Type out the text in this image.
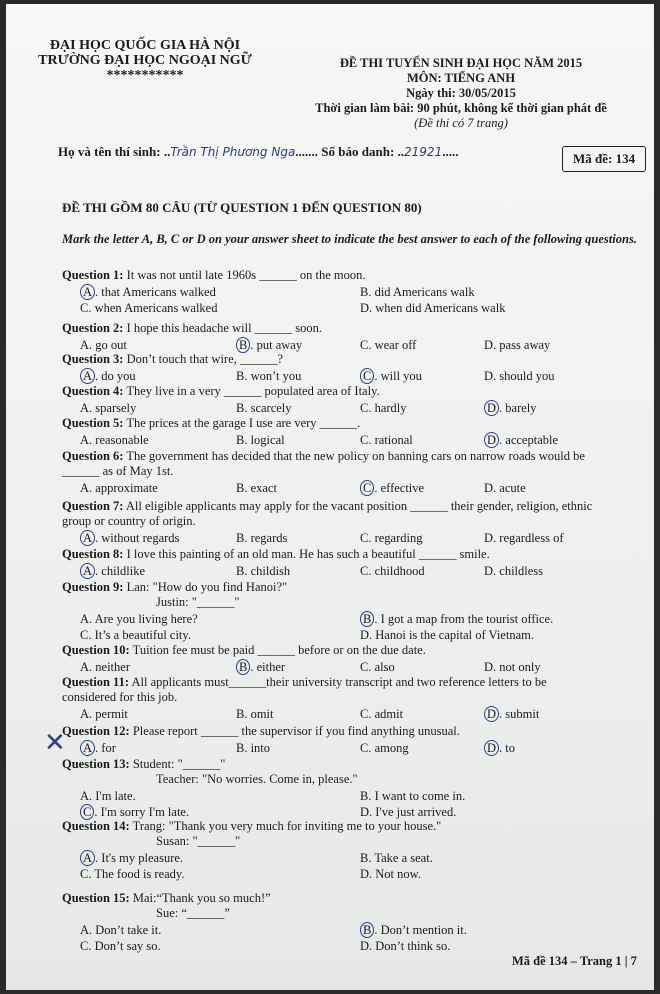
ĐẠI HỌC QUỐC GIA HÀ NỘI
TRƯỜNG ĐẠI HỌC NGOẠI NGỮ
***********
ĐỀ THI TUYỂN SINH ĐẠI HỌC NĂM 2015
MÔN: TIẾNG ANH
Ngày thi: 30/05/2015
Thời gian làm bài: 90 phút, không kể thời gian phát đề
(Đề thi có 7 trang)
Họ và tên thí sinh: ..Trần Thị Phương Nga....... Số báo danh: ..21921.....	Mã đề: 134
ĐỀ THI GỒM 80 CÂU (TỪ QUESTION 1 ĐẾN QUESTION 80)
Mark the letter A, B, C or D on your answer sheet to indicate the best answer to each of the following questions.
✕
Question 1: It was not until late 1960s ______ on the moon.
A . that Americans walked	B. did Americans walk
C. when Americans walked	D. when did Americans walk
Question 2: I hope this headache will ______ soon.
A. go out	B . put away	C. wear off	D. pass away
Question 3: Don’t touch that wire, ______?
A . do you	B. won’t you	C . will you	D. should you
Question 4: They live in a very ______ populated area of Italy.
A. sparsely	B. scarcely	C. hardly	D . barely
Question 5: The prices at the garage I use are very ______.
A. reasonable	B. logical	C. rational	D . acceptable
Question 6: The government has decided that the new policy on banning cars on narrow roads would be
______ as of May 1st.
A. approximate	B. exact	C . effective	D. acute
Question 7: All eligible applicants may apply for the vacant position ______ their gender, religion, ethnic
group or country of origin.
A . without regards	B. regards	C. regarding	D. regardless of
Question 8: I love this painting of an old man. He has such a beautiful ______ smile.
A . childlike	B. childish	C. childhood	D. childless
Question 9: Lan: "How do you find Hanoi?"
Justin: "______"
A. Are you living here?	B . I got a map from the tourist office.
C. It’s a beautiful city.	D. Hanoi is the capital of Vietnam.
Question 10: Tuition fee must be paid ______ before or on the due date.
A. neither	B . either	C. also	D. not only
Question 11: All applicants must______their university transcript and two reference letters to be
considered for this job.
A. permit	B. omit	C. admit	D . submit
Question 12: Please report ______ the supervisor if you find anything unusual.
A . for	B. into	C. among	D . to
Question 13: Student: "______"
Teacher: "No worries. Come in, please."
A. I'm late.	B. I want to come in.
C . I'm sorry I'm late.	D. I've just arrived.
Question 14: Trang: "Thank you very much for inviting me to your house."
Susan: "______"
A . It's my pleasure.	B. Take a seat.
C. The food is ready.	D. Not now.
Question 15: Mai:“Thank you so much!”
Sue: “______”
A. Don’t take it.	B . Don’t mention it.
C. Don’t say so.	D. Don’t think so.
Mã đề 134 – Trang 1 | 7
